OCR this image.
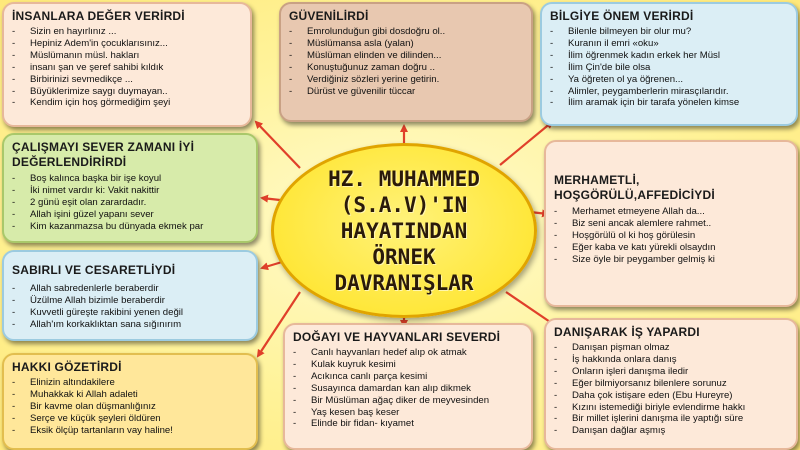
İNSANLARA DEĞER VERİRDİ
- Sizin en hayırlınız ...
- Hepiniz Adem'in çocuklarısınız...
- Müslümanın müsl. hakları
- insanı şan ve şeref sahibi kıldık
- Birbirinizi sevmedikçe ...
- Büyüklerimize saygı duymayan..
- Kendim için hoş görmediğim şeyi
GÜVENİLİRDİ
- Emrolunduğun gibi dosdoğru ol..
- Müslümansa asla (yalan)
- Müslüman elinden ve dilinden...
- Konuştuğunuz zaman doğru ..
- Verdiğiniz sözleri yerine getirin.
- Dürüst ve güvenilir tüccar
BİLGİYE ÖNEM VERİRDİ
- Bilenle bilmeyen bir olur mu?
- Kuranın il emri «oku»
- İlim öğrenmek kadın erkek her Müsl
- İlim Çin'de bile olsa
- Ya öğreten ol ya öğrenen...
- Alimler, peygamberlerin mirasçılarıdır.
- İlim aramak için bir tarafa yönelen kimse
ÇALIŞMAYI SEVER ZAMANI İYİ DEĞERLENDİRİRDİ
- Boş kalınca başka bir işe koyul
- İki nimet vardır ki: Vakit nakittir
- 2 günü eşit olan zarardadır.
- Allah işini güzel yapanı sever
- Kim kazanmazsa bu dünyada ekmek par
MERHAMETLİ, HOŞGÖRÜLÜ,AFFEDİCİYDİ
- Merhamet etmeyene Allah da...
- Biz seni ancak alemlere rahmet..
- Hoşgörülü ol ki hoş görülesin
- Eğer kaba ve katı yürekli olsaydın
- Size öyle bir peygamber gelmiş ki
SABIRLI VE CESARETLİYDİ
- Allah sabredenlerle beraberdir
- Üzülme Allah bizimle beraberdir
- Kuvvetli güreşte rakibini yenen değil
- Allah'ım korkaklıktan sana sığınırım
DOĞAYI VE HAYVANLARI SEVERDİ
- Canlı hayvanları hedef alıp ok atmak
- Kulak kuyruk kesimi
- Acıkınca canlı parça kesimi
- Susayınca damardan kan alıp dikmek
- Bir Müslüman ağaç diker de meyvesinden
- Yaş kesen baş keser
- Elinde bir fidan- kıyamet
DANIŞARAK İŞ YAPARDI
- Danışan pişman olmaz
- İş hakkında onlara danış
- Onların işleri danışma iledir
- Eğer bilmiyorsanız bilenlere sorunuz
- Daha çok istişare eden (Ebu Hureyre)
- Kızını istemediği biriyle evlendirme hakkı
- Bir millet işlerini danışma ile yaptığı süre
- Danışan dağlar aşmış
HAKKI GÖZETİRDİ
- Elinizin altındakilere
- Muhakkak ki Allah adaleti
- Bir kavme olan düşmanlığınız
- Serçe ve küçük şeyleri öldüren
- Eksik ölçüp tartanların vay haline!
HZ. MUHAMMED (S.A.V)'IN HAYATINDAN ÖRNEK DAVRANIŞLAR
